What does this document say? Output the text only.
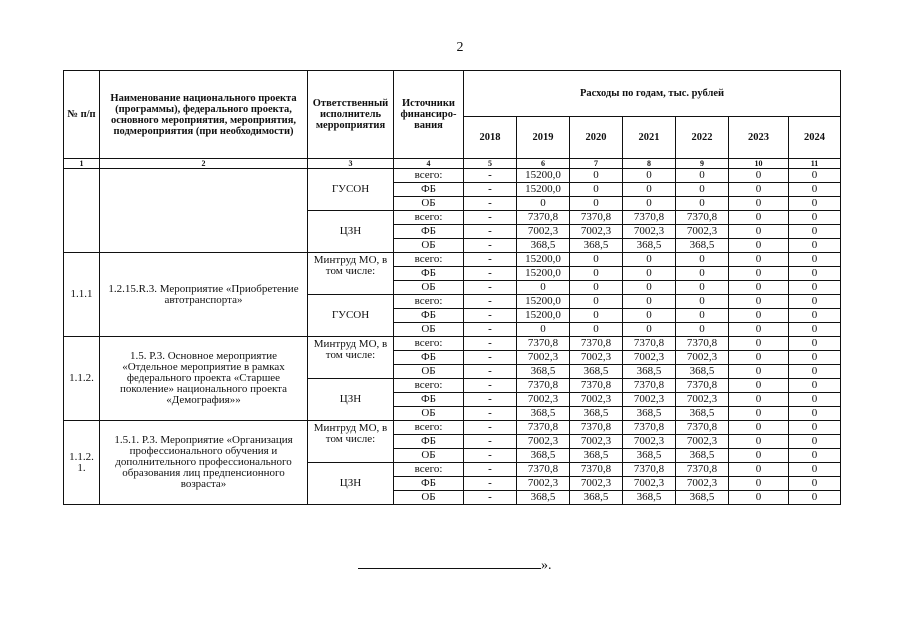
2
№ п/п	Наименование национального проекта (программы), федерального проекта, основного мероприятия, мероприятия, подмероприятия (при необходимости)	Ответственный исполнитель мерроприятия	Источники финансиро-вания	Расходы по годам, тыс. рублей						
				2018	2019	2020	2021	2022	2023	2024
1	2	3	4	5	6	7	8	9	10	11
		ГУСОН	всего:	-	15200,0	0	0	0	0	0
			ФБ	-	15200,0	0	0	0	0	0
			ОБ	-	0	0	0	0	0	0
		ЦЗН	всего:	-	7370,8	7370,8	7370,8	7370,8	0	0
			ФБ	-	7002,3	7002,3	7002,3	7002,3	0	0
			ОБ	-	368,5	368,5	368,5	368,5	0	0
1.1.1	1.2.15.R.3. Мероприятие «Приобретение автотранспорта»	Минтруд МО, в том числе:	всего:	-	15200,0	0	0	0	0	0
			ФБ	-	15200,0	0	0	0	0	0
			ОБ	-	0	0	0	0	0	0
		ГУСОН	всего:	-	15200,0	0	0	0	0	0
			ФБ	-	15200,0	0	0	0	0	0
			ОБ	-	0	0	0	0	0	0
1.1.2.	1.5. Р.3. Основное мероприятие «Отдельное мероприятие в рамках федерального проекта «Старшее поколение» национального проекта «Демография»»	Минтруд МО, в том числе:	всего:	-	7370,8	7370,8	7370,8	7370,8	0	0
			ФБ	-	7002,3	7002,3	7002,3	7002,3	0	0
			ОБ	-	368,5	368,5	368,5	368,5	0	0
		ЦЗН	всего:	-	7370,8	7370,8	7370,8	7370,8	0	0
			ФБ	-	7002,3	7002,3	7002,3	7002,3	0	0
			ОБ	-	368,5	368,5	368,5	368,5	0	0
1.1.2. 1.	1.5.1. Р.3. Мероприятие «Организация профессионального обучения и дополнительного профессионального образования лиц предпенсионного возраста»	Минтруд МО, в том числе:	всего:	-	7370,8	7370,8	7370,8	7370,8	0	0
			ФБ	-	7002,3	7002,3	7002,3	7002,3	0	0
			ОБ	-	368,5	368,5	368,5	368,5	0	0
		ЦЗН	всего:	-	7370,8	7370,8	7370,8	7370,8	0	0
			ФБ	-	7002,3	7002,3	7002,3	7002,3	0	0
			ОБ	-	368,5	368,5	368,5	368,5	0	0
».
